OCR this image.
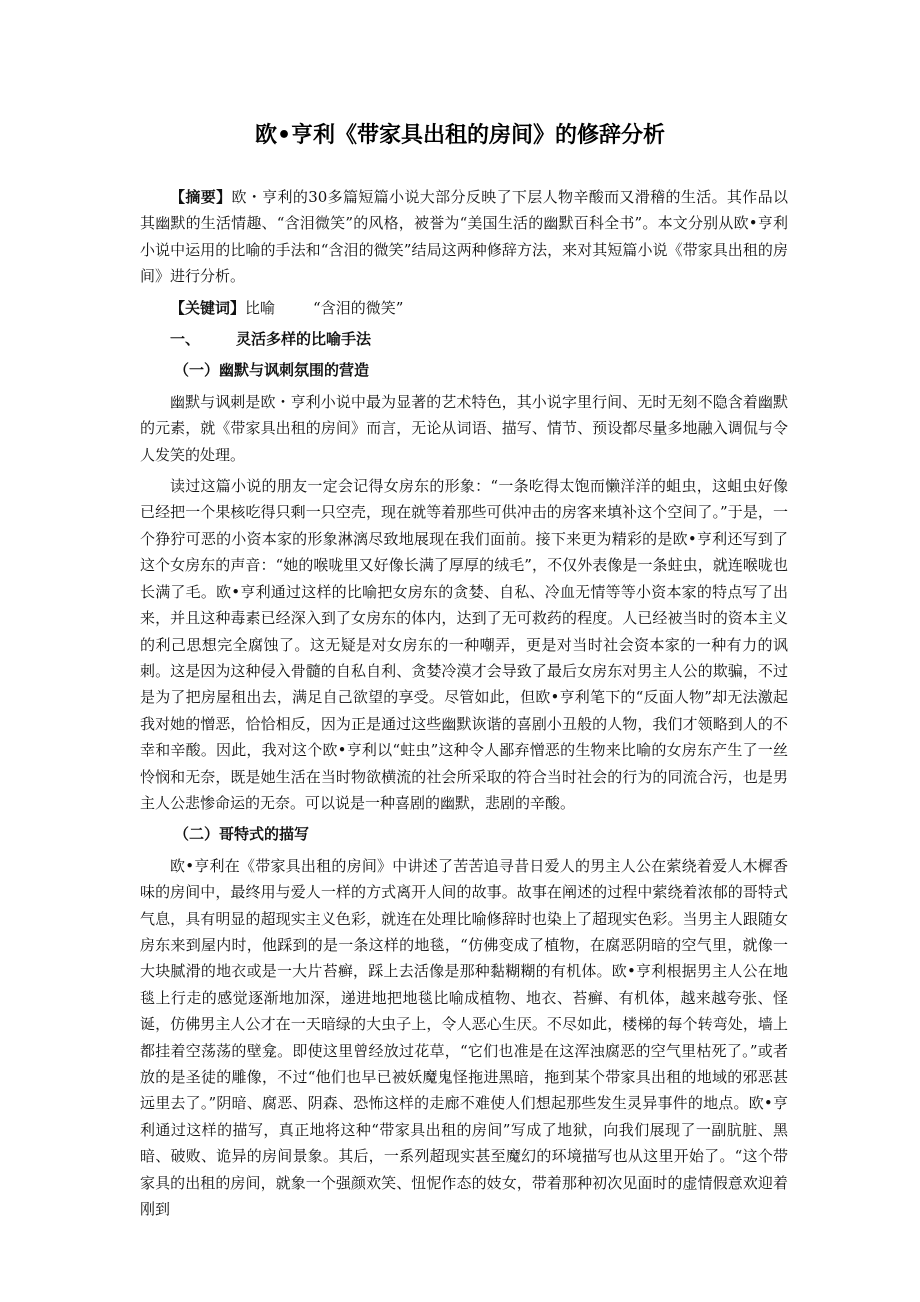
欧•亨利《带家具出租的房间》的修辞分析

【摘要】欧・亨利的30多篇短篇小说大部分反映了下层人物辛酸而又滑稽的生活。其作品以其幽默的生活情趣、“含泪微笑”的风格，被誉为“美国生活的幽默百科全书”。本文分别从欧•亨利小说中运用的比喻的手法和“含泪的微笑”结局这两种修辞方法，来对其短篇小说《带家具出租的房间》进行分析。

【关键词】比喻	“含泪的微笑”

一、 灵活多样的比喻手法
（一）幽默与讽刺氛围的营造

幽默与讽刺是欧・亨利小说中最为显著的艺术特色，其小说字里行间、无时无刻不隐含着幽默的元素，就《带家具出租的房间》而言，无论从词语、描写、情节、预设都尽量多地融入调侃与令人发笑的处理。

读过这篇小说的朋友一定会记得女房东的形象：“一条吃得太饱而懒洋洋的蛆虫，这蛆虫好像已经把一个果核吃得只剩一只空壳，现在就等着那些可供冲击的房客来填补这个空间了。”于是，一个狰狞可恶的小资本家的形象淋漓尽致地展现在我们面前。接下来更为精彩的是欧•亨利还写到了这个女房东的声音：“她的喉咙里又好像长满了厚厚的绒毛”，不仅外表像是一条蛀虫，就连喉咙也长满了毛。欧•亨利通过这样的比喻把女房东的贪婪、自私、冷血无情等等小资本家的特点写了出来，并且这种毒素已经深入到了女房东的体内，达到了无可救药的程度。人已经被当时的资本主义的利己思想完全腐蚀了。这无疑是对女房东的一种嘲弄，更是对当时社会资本家的一种有力的讽刺。这是因为这种侵入骨髓的自私自利、贪婪冷漠才会导致了最后女房东对男主人公的欺骗，不过是为了把房屋租出去，满足自己欲望的享受。尽管如此，但欧•亨利笔下的“反面人物”却无法激起我对她的憎恶，恰恰相反，因为正是通过这些幽默诙谐的喜剧小丑般的人物，我们才领略到人的不幸和辛酸。因此，我对这个欧•亨利以“蛀虫”这种令人鄙弃憎恶的生物来比喻的女房东产生了一丝怜悯和无奈，既是她生活在当时物欲横流的社会所采取的符合当时社会的行为的同流合污，也是男主人公悲惨命运的无奈。可以说是一种喜剧的幽默，悲剧的辛酸。

（二）哥特式的描写

欧•亨利在《带家具出租的房间》中讲述了苦苦追寻昔日爱人的男主人公在萦绕着爱人木樨香味的房间中，最终用与爱人一样的方式离开人间的故事。故事在阐述的过程中萦绕着浓郁的哥特式气息，具有明显的超现实主义色彩，就连在处理比喻修辞时也染上了超现实色彩。当男主人跟随女房东来到屋内时，他踩到的是一条这样的地毯，“仿佛变成了植物，在腐恶阴暗的空气里，就像一大块腻滑的地衣或是一大片苔癣，踩上去活像是那种黏糊糊的有机体。欧•亨利根据男主人公在地毯上行走的感觉逐渐地加深，递进地把地毯比喻成植物、地衣、苔癣、有机体，越来越夸张、怪诞，仿佛男主人公才在一天暗绿的大虫子上，令人恶心生厌。不尽如此，楼梯的每个转弯处，墙上都挂着空荡荡的壁龛。即使这里曾经放过花草，“它们也准是在这浑浊腐恶的空气里枯死了。”或者放的是圣徒的雕像，不过“他们也早已被妖魔鬼怪拖进黑暗，拖到某个带家具出租的地域的邪恶甚远里去了。”阴暗、腐恶、阴森、恐怖这样的走廊不难使人们想起那些发生灵异事件的地点。欧•亨利通过这样的描写，真正地将这种“带家具出租的房间”写成了地狱，向我们展现了一副肮脏、黑暗、破败、诡异的房间景象。其后，一系列超现实甚至魔幻的环境描写也从这里开始了。“这个带家具的出租的房间，就象一个强颜欢笑、忸怩作态的妓女，带着那种初次见面时的虚情假意欢迎着刚到
